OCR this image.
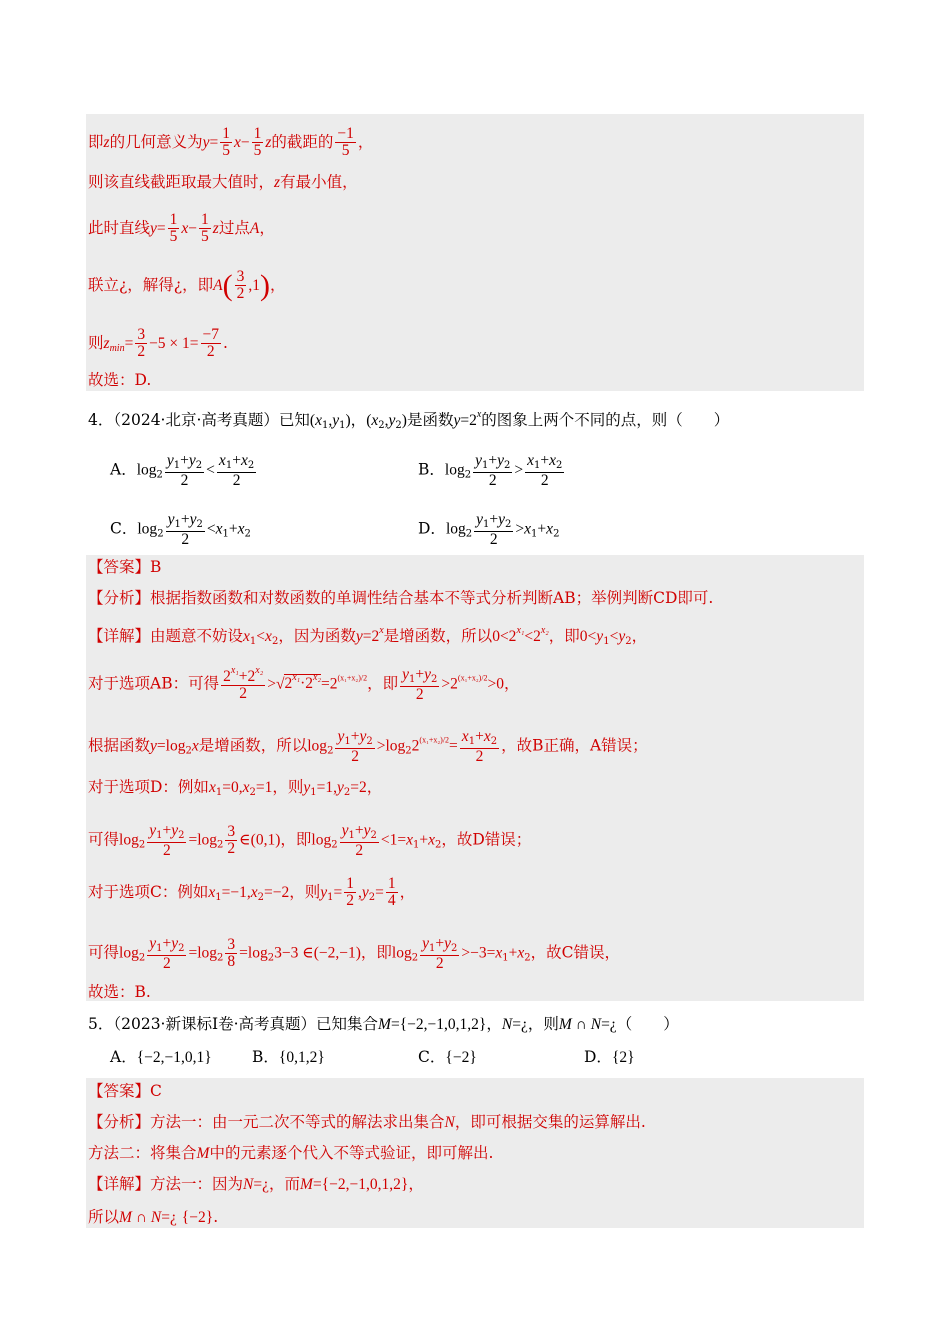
即z的几何意义为$y= \frac{1}{5} x- \frac{1}{5}$ z的截距的 $\frac{-1}{5}$ ，
则该直线截距取最大值时，z有最小值，
此时直线$y= \frac{1}{5} x- \frac{1}{5}$ z过点A，
联立¿，解得¿，即$A( \frac{3}{2} ,1)$，
则$z_{min}= \frac{3}{2} -5 \times 1= \frac{-7}{2}$ .
故选：D.
4．（2024·北京·高考真题）已知$(x_1,y_1)$，$(x_2,y_2)$是函数$y=2^x$的图象上两个不同的点，则（　　）
A．$\log_2 \frac{y_1+y_2}{2} < \frac{x_1+x_2}{2}$	B．$\log_2 \frac{y_1+y_2}{2} > \frac{x_1+x_2}{2}$
C．$\log_2 \frac{y_1+y_2}{2} <x_1+x_2$	D．$\log_2 \frac{y_1+y_2}{2} >x_1+x_2$
【答案】B
【分析】根据指数函数和对数函数的单调性结合基本不等式分析判断AB；举例判断CD即可.
【详解】由题意不妨设$x_1<x_2$，因为函数$y=2^x$是增函数，所以$0<2^{x_1}<2^{x_2}$，即$0<y_1<y_2$，
对于选项AB：可得 $\frac{2^{x_1}+2^{x_2}}{2} >√2^{x_1}\cdot 2^{x_2}=2^{(x_1+x_2)/2}$，即 $\frac{y_1+y_2}{2} >2^{(x_1+x_2)/2}>0$，
根据函数$y=\log_2x$是增函数，所以$\log_2 \frac{y_1+y_2}{2} >\log_22^{(x_1+x_2)/2}= \frac{x_1+x_2}{2}$ ，故B正确，A错误；
对于选项D：例如$x_1=0,x_2=1$，则$y_1=1,y_2=2$，
可得$\log_2 \frac{y_1+y_2}{2} =\log_2 \frac{3}{2}$ ∈(0,1)，即$\log_2 \frac{y_1+y_2}{2} <1=x_1+x_2$，故D错误；
对于选项C：例如$x_1=-1,x_2=-2$，则$y_1= \frac{1}{2} ,y_2= \frac{1}{4}$ ，
可得$\log_2 \frac{y_1+y_2}{2} =\log_2 \frac{3}{8} =\log_23-3$ ∈(−2,−1)，即$\log_2 \frac{y_1+y_2}{2} >-3=x_1+x_2$，故C错误，
故选：B.
5．（2023·新课标Ⅰ卷·高考真题）已知集合M={−2,−1,0,1,2}，N=¿，则M ∩ N=¿（　　）
A．{−2,−1,0,1}	B．{0,1,2}	C．{−2}	D．{2}
【答案】C
【分析】方法一：由一元二次不等式的解法求出集合N，即可根据交集的运算解出.
方法二：将集合M中的元素逐个代入不等式验证，即可解出.
【详解】方法一：因为N=¿，而M={−2,−1,0,1,2}，
所以M ∩ N=¿ {−2}.
